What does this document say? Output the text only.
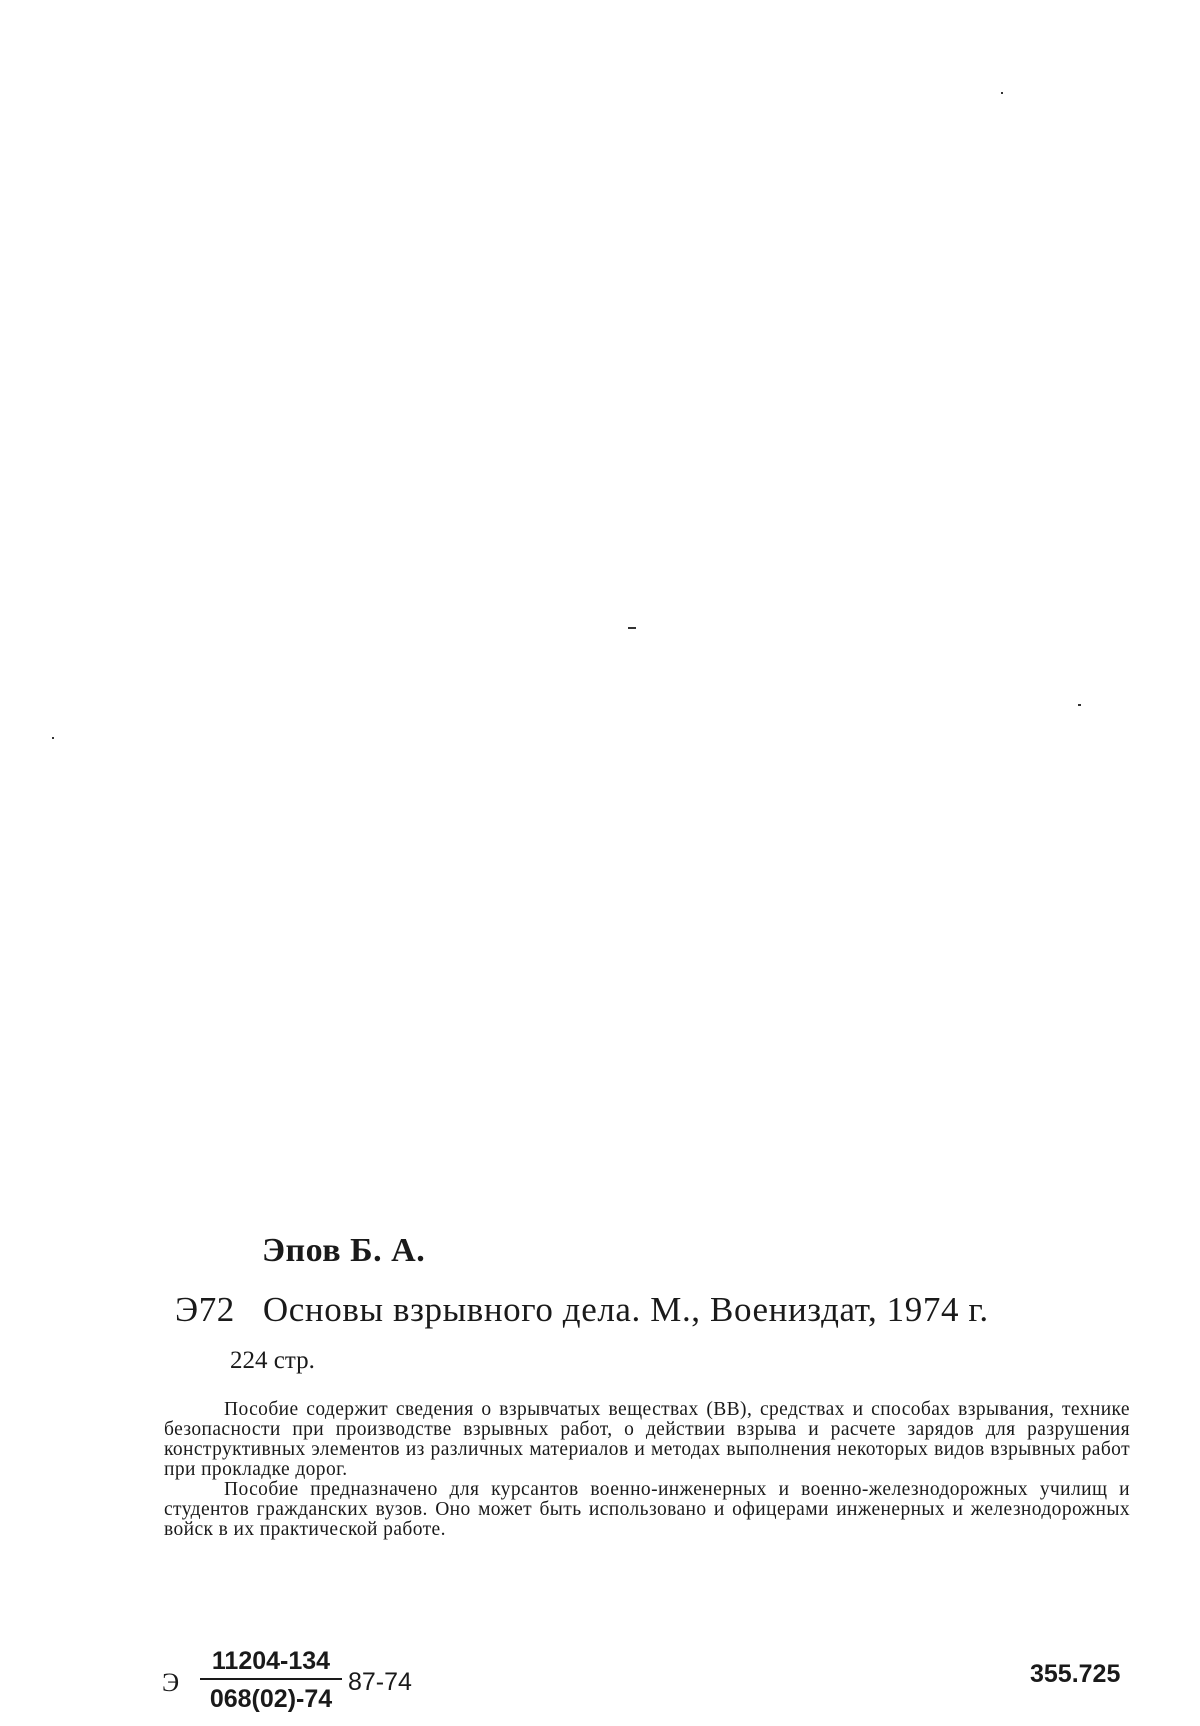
Эпов Б. А.
Э72 Основы взрывного дела. М., Воениздат, 1974 г.
224 стр.

Пособие содержит сведения о взрывчатых веществах (ВВ), средствах и способах взрывания, технике безопасности при производстве взрывных работ, о действии взрыва и расчете зарядов для разрушения конструктивных элементов из различных материалов и методах выполнения некоторых видов взрывных работ при прокладке дорог.

Пособие предназначено для курсантов военно-инженерных и военно-железнодорожных училищ и студентов гражданских вузов. Оно может быть использовано и офицерами инженерных и железнодорожных войск в их практической работе.

Э $\frac{11204-134}{068(02)-74} 87-74$	355.725
